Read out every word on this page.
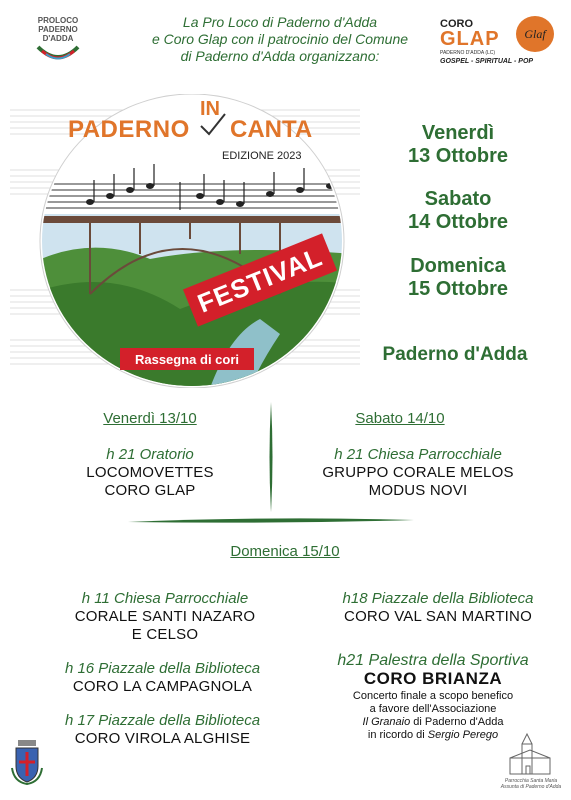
PROLOCO PADERNO D'ADDA
La Pro Loco di Paderno d'Adda
e Coro Glap con il patrocinio del Comune
di Paderno d'Adda organizzano:
CORO
GLAP
PADERNO D'ADDA (LC)
Glaf
GOSPEL - SPIRITUAL - POP
IN
PADERNO CANTA
EDIZIONE 2023
FESTIVAL
Rassegna di cori
Venerdì
13 Ottobre
Sabato
14 Ottobre
Domenica
15 Ottobre
Paderno d'Adda
Venerdì 13/10
h 21 Oratorio
LOCOMOVETTES
CORO GLAP
Sabato 14/10
h 21 Chiesa Parrocchiale
GRUPPO CORALE MELOS
MODUS NOVI
Domenica 15/10
h 11 Chiesa Parrocchiale
CORALE SANTI NAZARO
E CELSO
h 16 Piazzale della Biblioteca
CORO LA CAMPAGNOLA
h 17 Piazzale della Biblioteca
CORO VIROLA ALGHISE
h18 Piazzale della Biblioteca
CORO VAL SAN MARTINO
h21 Palestra della Sportiva
CORO BRIANZA
Concerto finale a scopo benefico
a favore dell'Associazione
Il Granaio di Paderno d'Adda
in ricordo di Sergio Perego
Parrocchia Santa Maria Assunta di Paderno d'Adda
